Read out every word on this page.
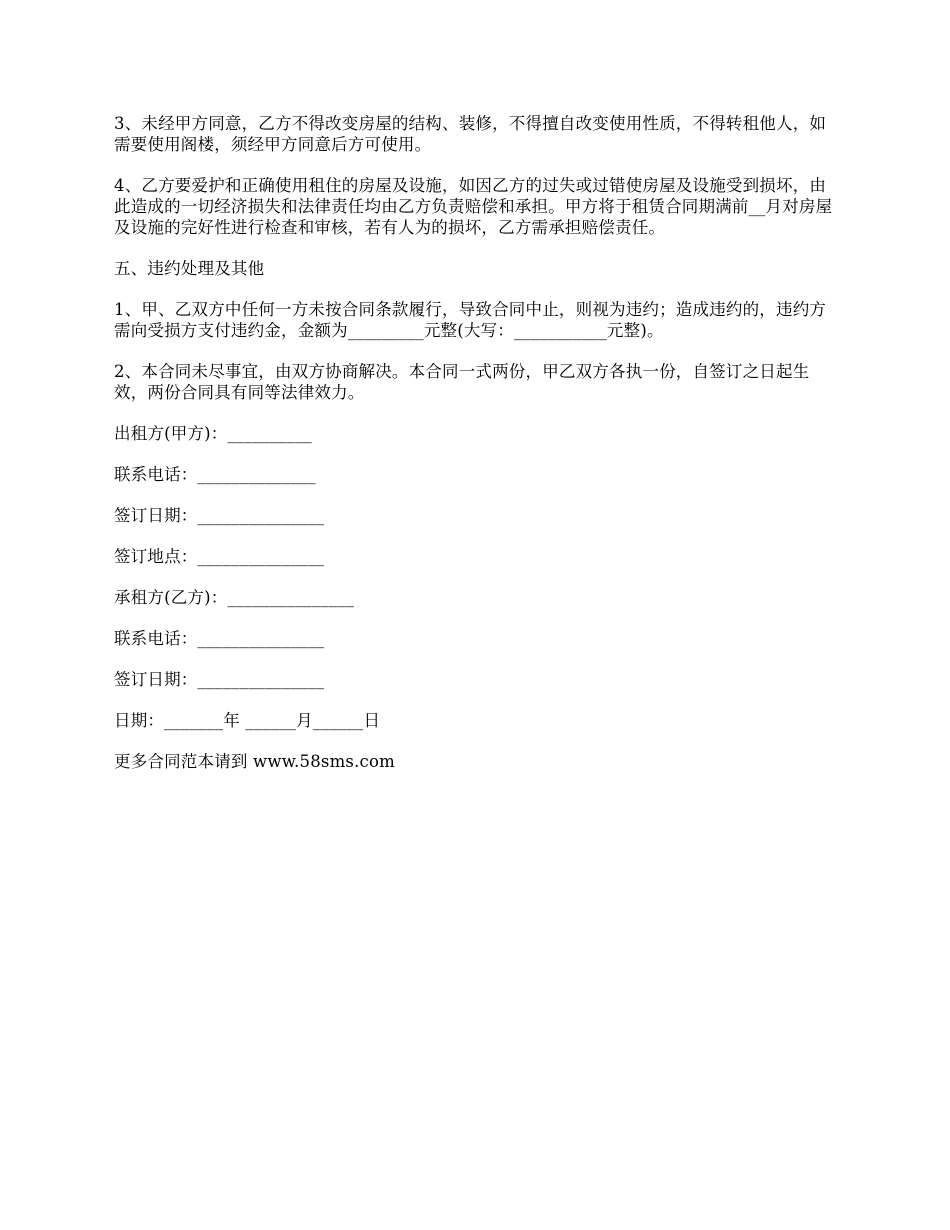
3、未经甲方同意，乙方不得改变房屋的结构、装修，不得擅自改变使用性质，不得转租他人，如需要使用阁楼，须经甲方同意后方可使用。

4、乙方要爱护和正确使用租住的房屋及设施，如因乙方的过失或过错使房屋及设施受到损坏，由此造成的一切经济损失和法律责任均由乙方负责赔偿和承担。甲方将于租赁合同期满前__月对房屋及设施的完好性进行检查和审核，若有人为的损坏，乙方需承担赔偿责任。

五、违约处理及其他

1、甲、乙双方中任何一方未按合同条款履行，导致合同中止，则视为违约；造成违约的，违约方需向受损方支付违约金，金额为_________元整(大写：___________元整)。

2、本合同未尽事宜，由双方协商解决。本合同一式两份，甲乙双方各执一份，自签订之日起生效，两份合同具有同等法律效力。

出租方(甲方)：__________

联系电话：______________

签订日期：_______________

签订地点：_______________

承租方(乙方)：_______________

联系电话：_______________

签订日期：_______________

日期：_______年 ______月______日

更多合同范本请到 www.58sms.com
